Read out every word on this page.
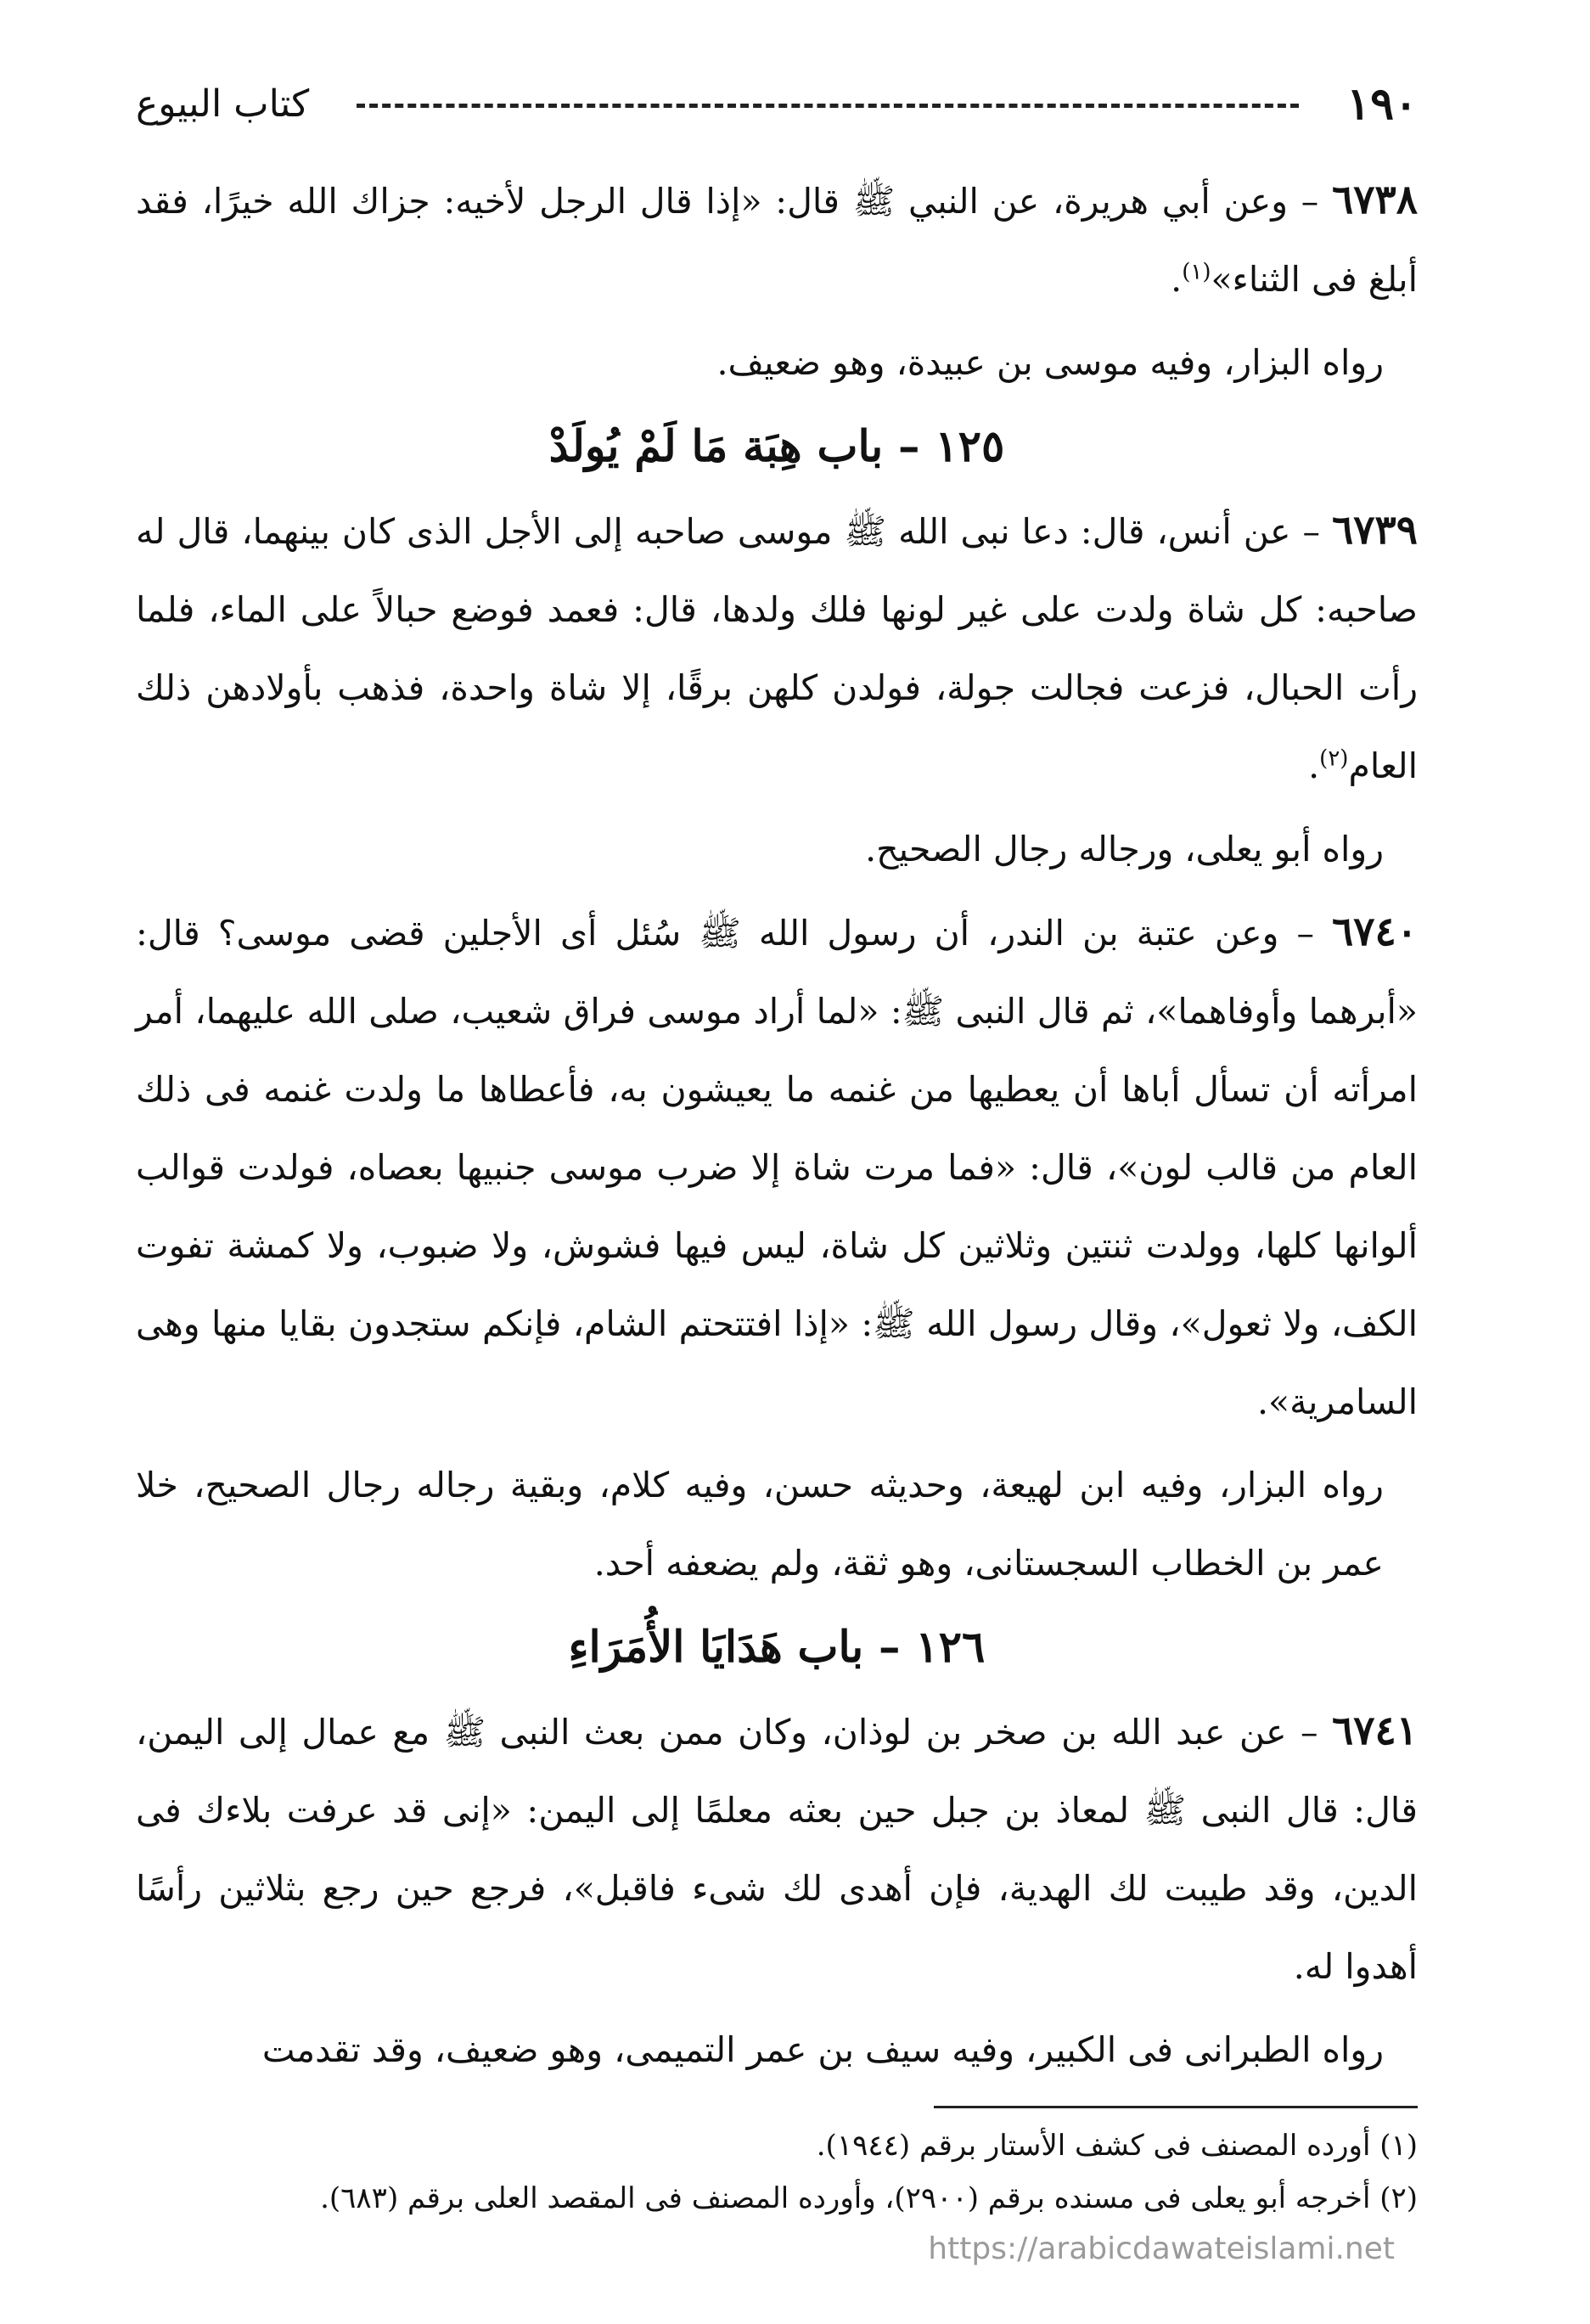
١٩٠
كتاب البيوع

٦٧٣٨ – وعن أبي هريرة، عن النبي ﷺ قال: «إذا قال الرجل لأخيه: جزاك الله خيرًا، فقد أبلغ فى الثناء»$^{(١)}$.

رواه البزار، وفيه موسى بن عبيدة، وهو ضعيف.

١٢٥ – باب هِبَة مَا لَمْ يُولَدْ

٦٧٣٩ – عن أنس، قال: دعا نبى الله ﷺ موسى صاحبه إلى الأجل الذى كان بينهما، قال له صاحبه: كل شاة ولدت على غير لونها فلك ولدها، قال: فعمد فوضع حبالاً على الماء، فلما رأت الحبال، فزعت فجالت جولة، فولدن كلهن برقًا، إلا شاة واحدة، فذهب بأولادهن ذلك العام$^{(٢)}$.

رواه أبو يعلى، ورجاله رجال الصحيح.

٦٧٤٠ – وعن عتبة بن الندر، أن رسول الله ﷺ سُئل أى الأجلين قضى موسى؟ قال: «أبرهما وأوفاهما»، ثم قال النبى ﷺ: «لما أراد موسى فراق شعيب، صلى الله عليهما، أمر امرأته أن تسأل أباها أن يعطيها من غنمه ما يعيشون به، فأعطاها ما ولدت غنمه فى ذلك العام من قالب لون»، قال: «فما مرت شاة إلا ضرب موسى جنبيها بعصاه، فولدت قوالب ألوانها كلها، وولدت ثنتين وثلاثين كل شاة، ليس فيها فشوش، ولا ضبوب، ولا كمشة تفوت الكف، ولا ثعول»، وقال رسول الله ﷺ: «إذا افتتحتم الشام، فإنكم ستجدون بقايا منها وهى السامرية».

رواه البزار، وفيه ابن لهيعة، وحديثه حسن، وفيه كلام، وبقية رجاله رجال الصحيح، خلا عمر بن الخطاب السجستانى، وهو ثقة، ولم يضعفه أحد.

١٢٦ – باب هَدَايَا الأُمَرَاءِ

٦٧٤١ – عن عبد الله بن صخر بن لوذان، وكان ممن بعث النبى ﷺ مع عمال إلى اليمن، قال: قال النبى ﷺ لمعاذ بن جبل حين بعثه معلمًا إلى اليمن: «إنى قد عرفت بلاءك فى الدين، وقد طيبت لك الهدية، فإن أهدى لك شىء فاقبل»، فرجع حين رجع بثلاثين رأسًا أهدوا له.

رواه الطبرانى فى الكبير، وفيه سيف بن عمر التميمى، وهو ضعيف، وقد تقدمت

(١) أورده المصنف فى كشف الأستار برقم (١٩٤٤).

(٢) أخرجه أبو يعلى فى مسنده برقم (٢٩٠٠)، وأورده المصنف فى المقصد العلى برقم (٦٨٣).

https://arabicdawateislami.net
